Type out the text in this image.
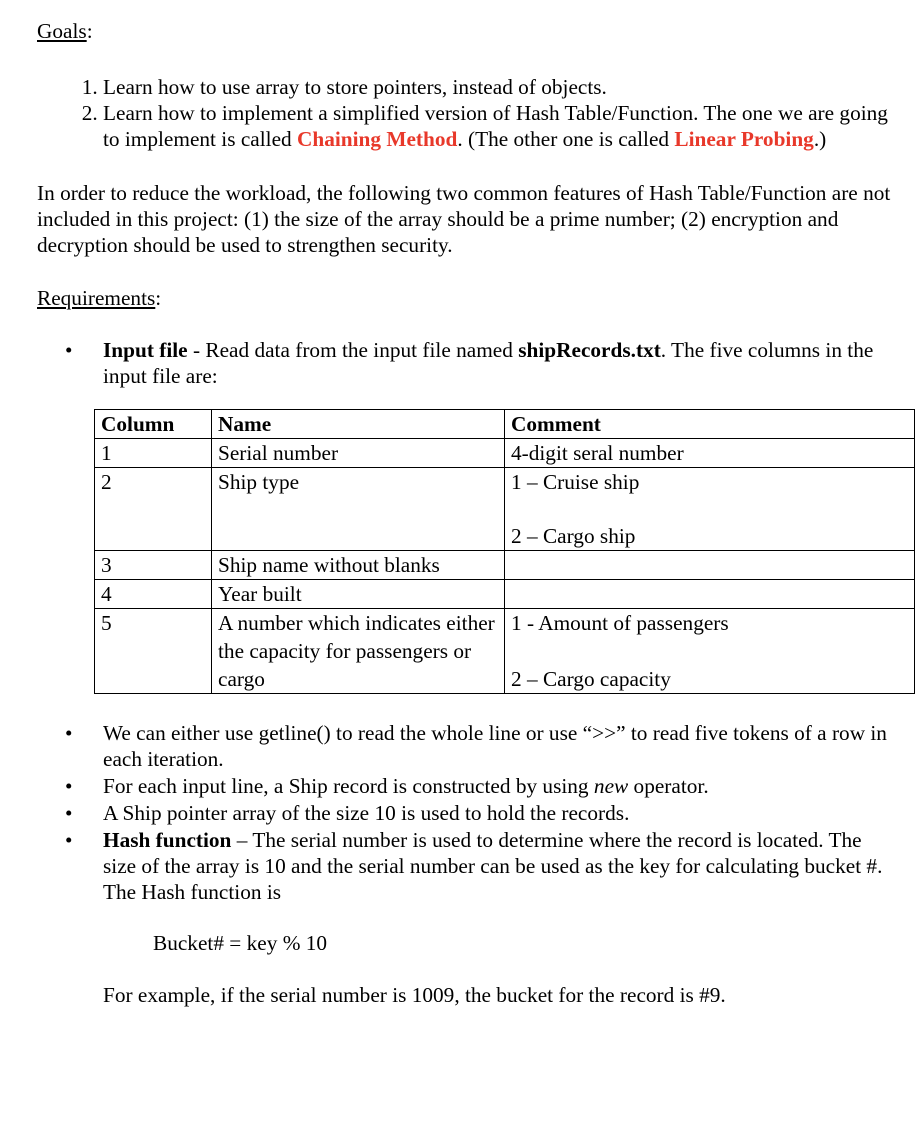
Goals:

1. Learn how to use array to store pointers, instead of objects.
2. Learn how to implement a simplified version of Hash Table/Function. The one we are going to implement is called Chaining Method. (The other one is called Linear Probing.)

In order to reduce the workload, the following two common features of Hash Table/Function are not included in this project: (1) the size of the array should be a prime number; (2) encryption and decryption should be used to strengthen security.

Requirements:

• Input file - Read data from the input file named shipRecords.txt. The five columns in the input file are:
Column	Name	Comment
1	Serial number	4-digit seral number
2	Ship type	1 – Cruise ship
2 – Cargo ship

3	Ship name without blanks	
4	Year built	
5	A number which indicates either the capacity for passengers or cargo	1 - Amount of passengers
2 – Cargo capacity
• We can either use getline() to read the whole line or use “>>” to read five tokens of a row in each iteration.
• For each input line, a Ship record is constructed by using new operator.
• A Ship pointer array of the size 10 is used to hold the records.
• Hash function – The serial number is used to determine where the record is located. The size of the array is 10 and the serial number can be used as the key for calculating bucket #. The Hash function is

Bucket# = key % 10

For example, if the serial number is 1009, the bucket for the record is #9.
